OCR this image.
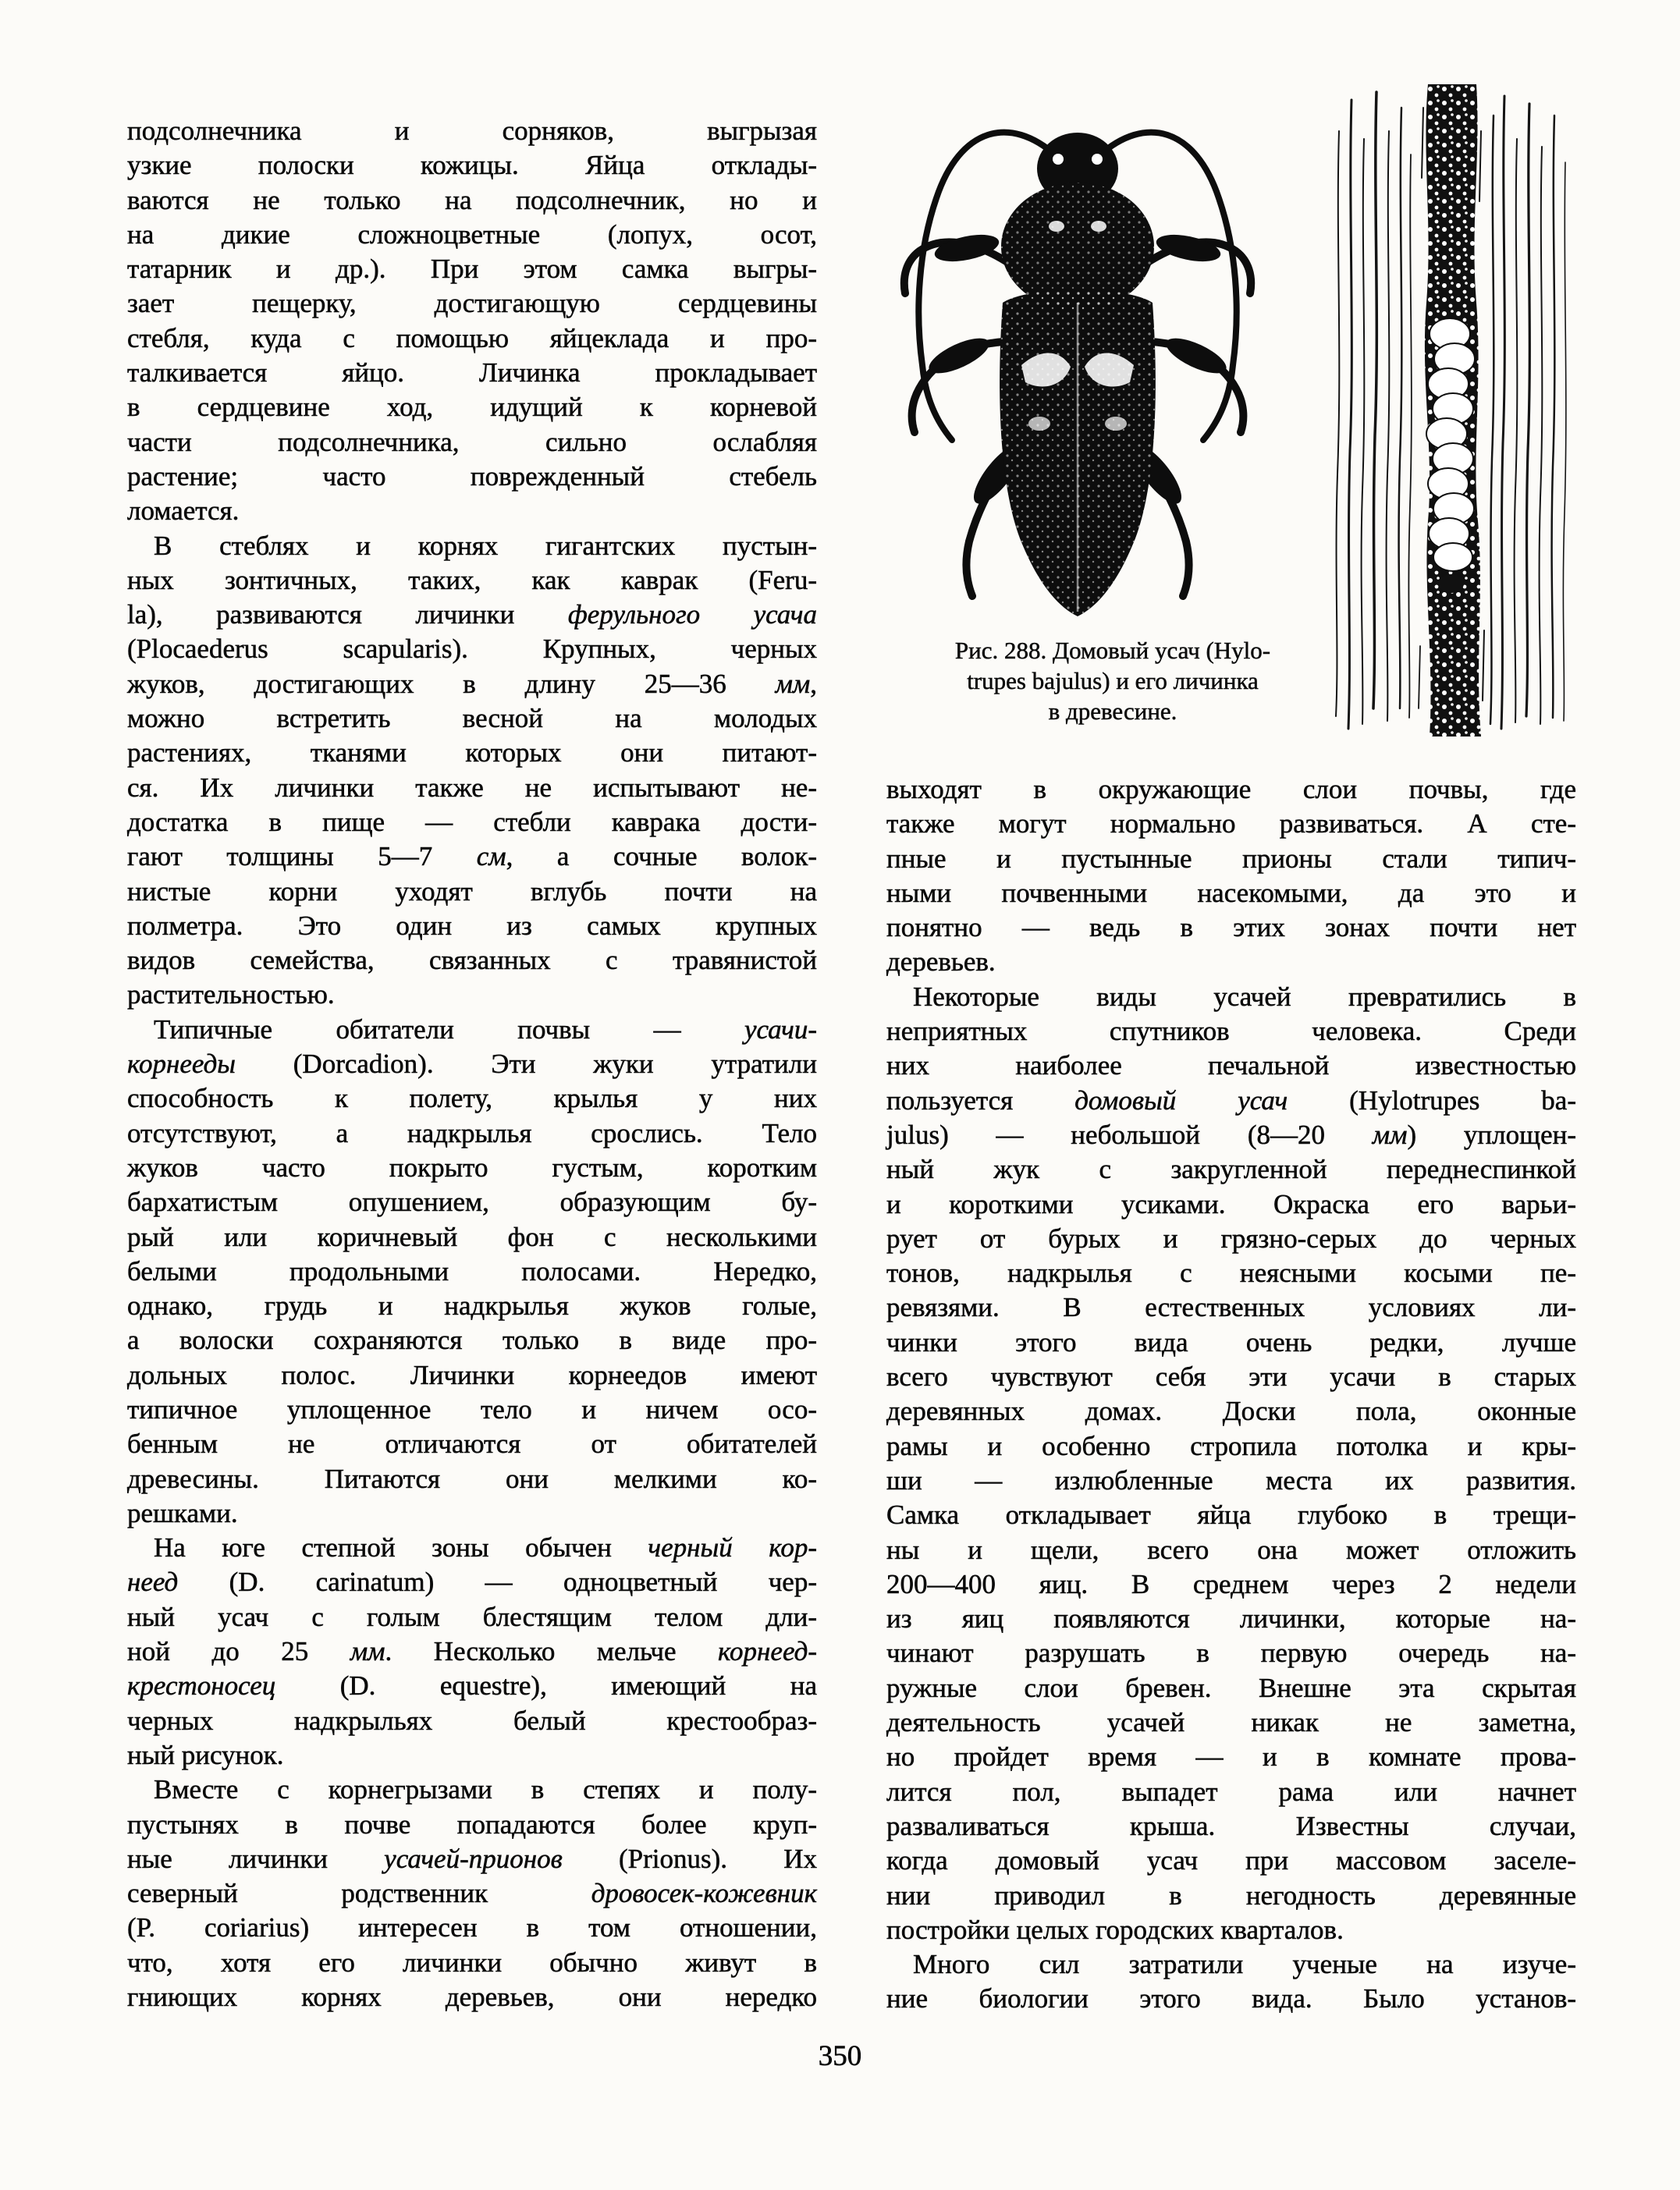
Рис. 288. Домовый усач (Hylo-
trupes bajulus) и его личинка
в древесине.
подсолнечника и сорняков, выгрызая
узкие полоски кожицы. Яйца отклады-
ваются не только на подсолнечник, но и
на дикие сложноцветные (лопух, осот,
татарник и др.). При этом самка выгры-
зает пещерку, достигающую сердцевины
стебля, куда с помощью яйцеклада и про-
талкивается яйцо. Личинка прокладывает
в сердцевине ход, идущий к корневой
части подсолнечника, сильно ослабляя
растение; часто поврежденный стебель
ломается.
В стеблях и корнях гигантских пустын-
ных зонтичных, таких, как каврак (Feru-
la), развиваются личинки ферульного усача
(Plocaederus scapularis). Крупных, черных
жуков, достигающих в длину 25—36 мм,
можно встретить весной на молодых
растениях, тканями которых они питают-
ся. Их личинки также не испытывают не-
достатка в пище — стебли каврака дости-
гают толщины 5—7 см, а сочные волок-
нистые корни уходят вглубь почти на
полметра. Это один из самых крупных
видов семейства, связанных с травянистой
растительностью.
Типичные обитатели почвы — усачи-
корнееды (Dorcadion). Эти жуки утратили
способность к полету, крылья у них
отсутствуют, а надкрылья срослись. Тело
жуков часто покрыто густым, коротким
бархатистым опушением, образующим бу-
рый или коричневый фон с несколькими
белыми продольными полосами. Нередко,
однако, грудь и надкрылья жуков голые,
а волоски сохраняются только в виде про-
дольных полос. Личинки корнеедов имеют
типичное уплощенное тело и ничем осо-
бенным не отличаются от обитателей
древесины. Питаются они мелкими ко-
решками.
На юге степной зоны обычен черный кор-
неед (D. carinatum) — одноцветный чер-
ный усач с голым блестящим телом дли-
ной до 25 мм. Несколько мельче корнеед-
крестоносец (D. equestre), имеющий на
черных надкрыльях белый крестообраз-
ный рисунок.
Вместе с корнегрызами в степях и полу-
пустынях в почве попадаются более круп-
ные личинки усачей-прионов (Prionus). Их
северный родственник дровосек-кожевник
(P. coriarius) интересен в том отношении,
что, хотя его личинки обычно живут в
гниющих корнях деревьев, они нередко
выходят в окружающие слои почвы, где
также могут нормально развиваться. А сте-
пные и пустынные прионы стали типич-
ными почвенными насекомыми, да это и
понятно — ведь в этих зонах почти нет
деревьев.
Некоторые виды усачей превратились в
неприятных спутников человека. Среди
них наиболее печальной известностью
пользуется домовый усач (Hylotrupes ba-
julus) — небольшой (8—20 мм) уплощен-
ный жук с закругленной переднеспинкой
и короткими усиками. Окраска его варьи-
рует от бурых и грязно-серых до черных
тонов, надкрылья с неясными косыми пе-
ревязями. В естественных условиях ли-
чинки этого вида очень редки, лучше
всего чувствуют себя эти усачи в старых
деревянных домах. Доски пола, оконные
рамы и особенно стропила потолка и кры-
ши — излюбленные места их развития.
Самка откладывает яйца глубоко в трещи-
ны и щели, всего она может отложить
200—400 яиц. В среднем через 2 недели
из яиц появляются личинки, которые на-
чинают разрушать в первую очередь на-
ружные слои бревен. Внешне эта скрытая
деятельность усачей никак не заметна,
но пройдет время — и в комнате прова-
лится пол, выпадет рама или начнет
разваливаться крыша. Известны случаи,
когда домовый усач при массовом заселе-
нии приводил в негодность деревянные
постройки целых городских кварталов.
Много сил затратили ученые на изуче-
ние биологии этого вида. Было установ-
350
